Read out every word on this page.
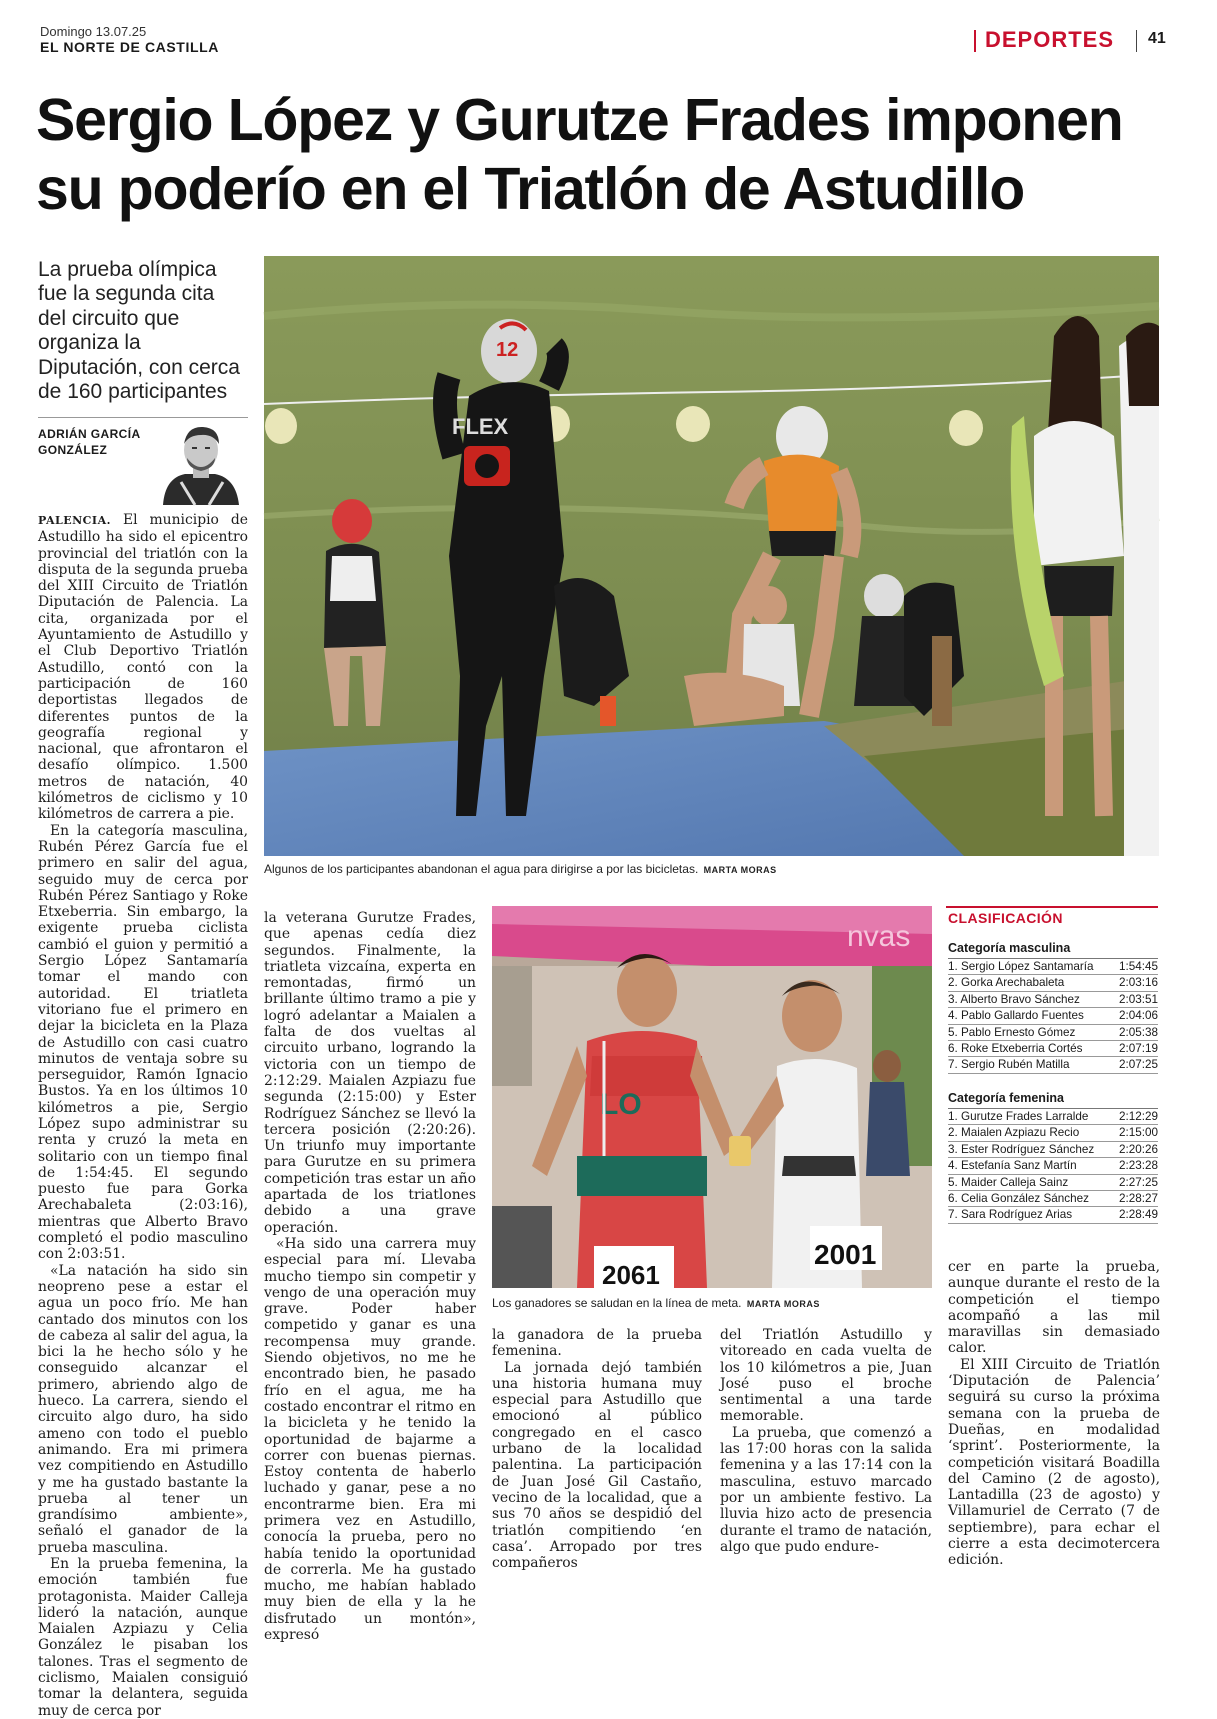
Domingo 13.07.25
EL NORTE DE CASTILLA	DEPORTES 41
Sergio López y Gurutze Frades imponen su poderío en el Triatlón de Astudillo
La prueba olímpica fue la segunda cita del circuito que organiza la Diputación, con cerca de 160 participantes
ADRIÁN GARCÍA GONZÁLEZ

PALENCIA. El municipio de Astudillo ha sido el epicentro provincial del triatlón con la disputa de la segunda prueba del XIII Circuito de Triatlón Diputación de Palencia. La cita, organizada por el Ayuntamiento de Astudillo y el Club Deportivo Triatlón Astudillo, contó con la participación de 160 deportistas llegados de diferentes puntos de la geografía regional y nacional, que afrontaron el desafío olímpico. 1.500 metros de natación, 40 kilómetros de ciclismo y 10 kilómetros de carrera a pie.

En la categoría masculina, Rubén Pérez García fue el primero en salir del agua, seguido muy de cerca por Rubén Pérez Santiago y Roke Etxeberria. Sin embargo, la exigente prueba ciclista cambió el guion y permitió a Sergio López Santamaría tomar el mando con autoridad. El triatleta vitoriano fue el primero en dejar la bicicleta en la Plaza de Astudillo con casi cuatro minutos de ventaja sobre su perseguidor, Ramón Ignacio Bustos. Ya en los últimos 10 kilómetros a pie, Sergio López supo administrar su renta y cruzó la meta en solitario con un tiempo final de 1:54:45. El segundo puesto fue para Gorka Arechabaleta (2:03:16), mientras que Alberto Bravo completó el podio masculino con 2:03:51.

«La natación ha sido sin neopreno pese a estar el agua un poco frío. Me han cantado dos minutos con los de cabeza al salir del agua, la bici la he hecho sólo y he conseguido alcanzar el primero, abriendo algo de hueco. La carrera, siendo el circuito algo duro, ha sido ameno con todo el pueblo animando. Era mi primera vez compitiendo en Astudillo y me ha gustado bastante la prueba al tener un grandísimo ambiente», señaló el ganador de la prueba masculina.

En la prueba femenina, la emoción también fue protagonista. Maider Calleja lideró la natación, aunque Maialen Azpiazu y Celia González le pisaban los talones. Tras el segmento de ciclismo, Maialen consiguió tomar la delantera, seguida muy de cerca por

12
FLEX
Algunos de los participantes abandonan el agua para dirigirse a por las bicicletas. MARTA MORAS

la veterana Gurutze Frades, que apenas cedía diez segundos. Finalmente, la triatleta vizcaína, experta en remontadas, firmó un brillante último tramo a pie y logró adelantar a Maialen a falta de dos vueltas al circuito urbano, logrando la victoria con un tiempo de 2:12:29. Maialen Azpiazu fue segunda (2:15:00) y Ester Rodríguez Sánchez se llevó la tercera posición (2:20:26). Un triunfo muy importante para Gurutze en su primera competición tras estar un año apartada de los triatlones debido a una grave operación.

«Ha sido una carrera muy especial para mí. Llevaba mucho tiempo sin competir y vengo de una operación muy grave. Poder haber competido y ganar es una recompensa muy grande. Siendo objetivos, no me he encontrado bien, he pasado frío en el agua, me ha costado encontrar el ritmo en la bicicleta y he tenido la oportunidad de bajarme a correr con buenas piernas. Estoy contenta de haberlo luchado y ganar, pese a no encontrarme bien. Era mi primera vez en Astudillo, conocía la prueba, pero no había tenido la oportunidad de correrla. Me ha gustado mucho, me habían hablado muy bien de ella y la he disfrutado un montón», expresó

nvas
LO
2061
2001
Los ganadores se saludan en la línea de meta. MARTA MORAS

la ganadora de la prueba femenina.

La jornada dejó también una historia humana muy especial para Astudillo que emocionó al público congregado en el casco urbano de la localidad palentina. La participación de Juan José Gil Castaño, vecino de la localidad, que a sus 70 años se despidió del triatlón compitiendo ‘en casa’. Arropado por tres compañeros

del Triatlón Astudillo y vitoreado en cada vuelta de los 10 kilómetros a pie, Juan José puso el broche sentimental a una tarde memorable.

La prueba, que comenzó a las 17:00 horas con la salida femenina y a las 17:14 con la masculina, estuvo marcado por un ambiente festivo. La lluvia hizo acto de presencia durante el tramo de natación, algo que pudo endure-

CLASIFICACIÓN
Categoría masculina
1. Sergio López Santamaría 1:54:45
2. Gorka Arechabaleta	2:03:16
3. Alberto Bravo Sánchez	2:03:51
4. Pablo Gallardo Fuentes	2:04:06
5. Pablo Ernesto Gómez	2:05:38
6. Roke Etxeberria Cortés	2:07:19
7. Sergio Rubén Matilla	2:07:25
Categoría femenina
1. Gurutze Frades Larralde	2:12:29
2. Maialen Azpiazu Recio	2:15:00
3. Ester Rodríguez Sánchez 2:20:26
4. Estefanía Sanz Martín	2:23:28
5. Maider Calleja Sainz	2:27:25
6. Celia González Sánchez	2:28:27
7. Sara Rodríguez Arias	2:28:49

cer en parte la prueba, aunque durante el resto de la competición el tiempo acompañó a las mil maravillas sin demasiado calor.

El XIII Circuito de Triatlón ‘Diputación de Palencia’ seguirá su curso la próxima semana con la prueba de Dueñas, en modalidad ‘sprint’. Posteriormente, la competición visitará Boadilla del Camino (2 de agosto), Lantadilla (23 de agosto) y Villamuriel de Cerrato (7 de septiembre), para echar el cierre a esta decimotercera edición.
